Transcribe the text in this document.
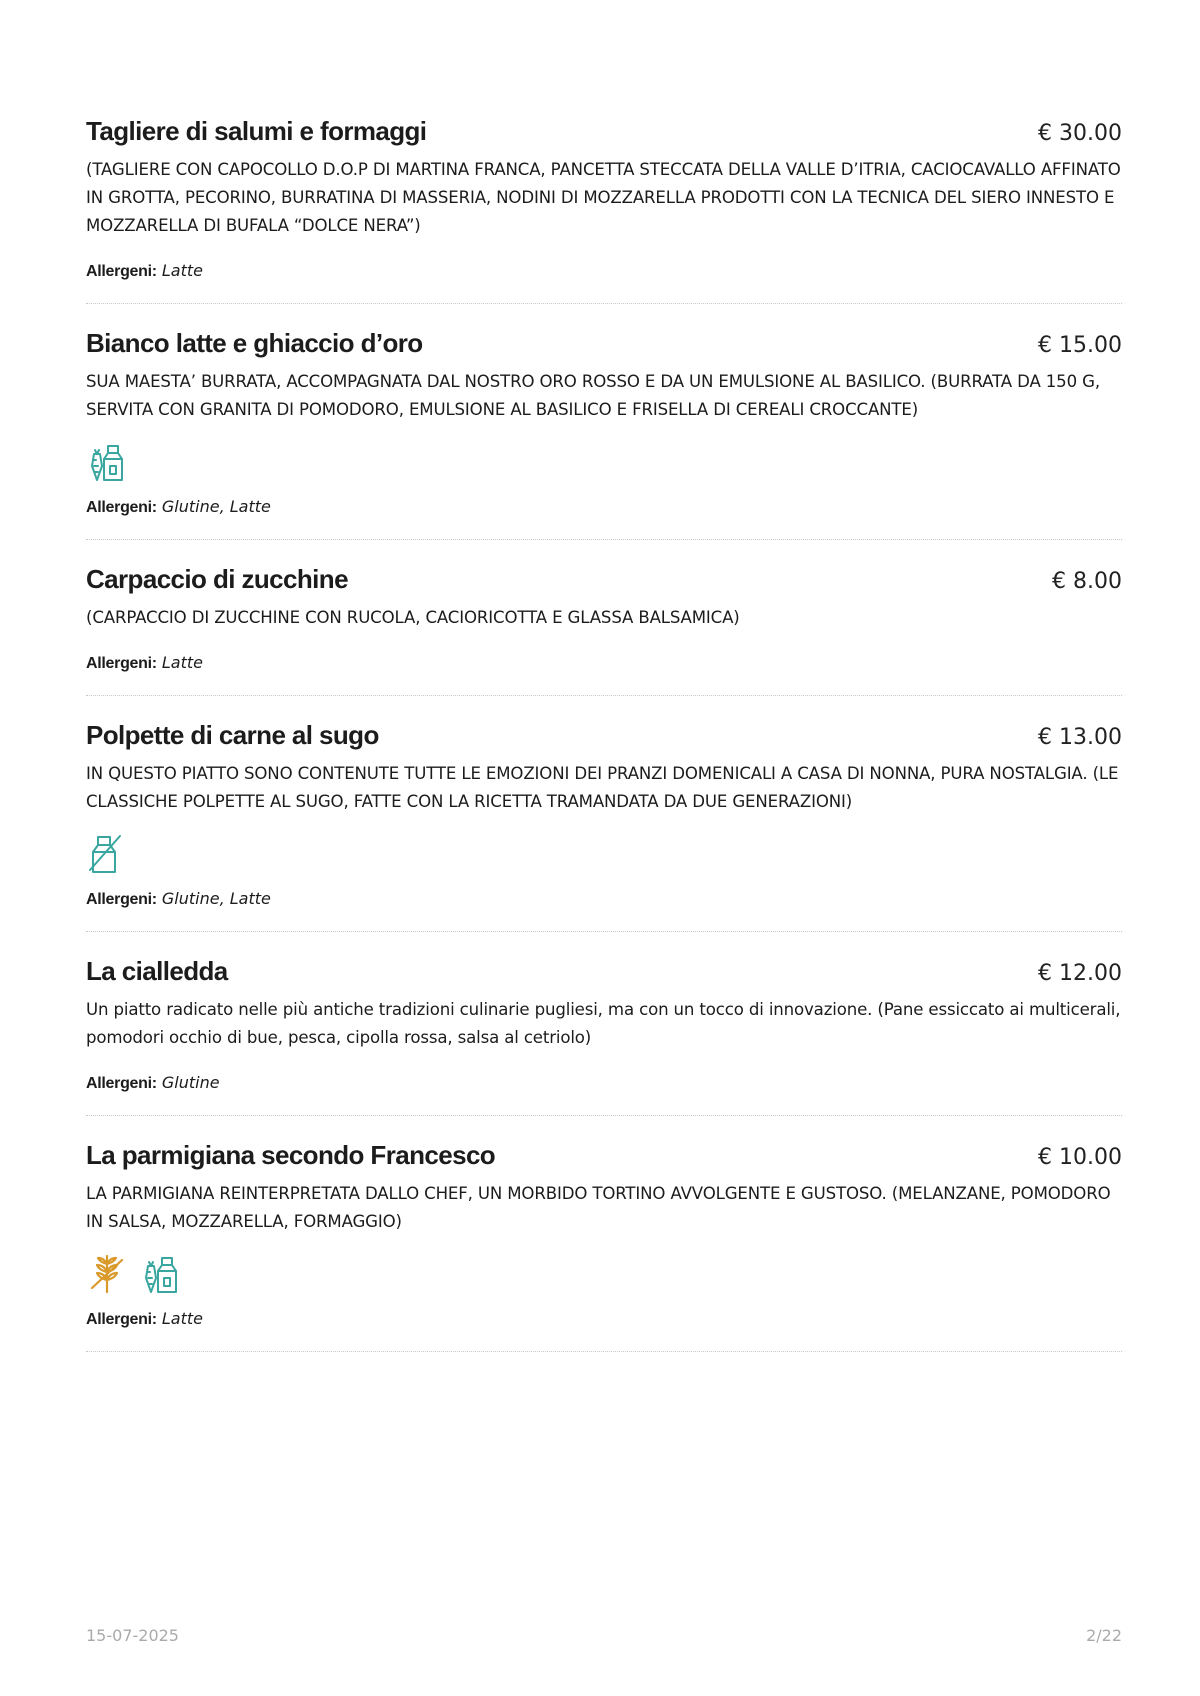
Tagliere di salumi e formaggi	€ 30.00

(TAGLIERE CON CAPOCOLLO D.O.P DI MARTINA FRANCA, PANCETTA STECCATA DELLA VALLE D’ITRIA, CACIOCAVALLO AFFINATO IN GROTTA, PECORINO, BURRATINA DI MASSERIA, NODINI DI MOZZARELLA PRODOTTI CON LA TECNICA DEL SIERO INNESTO E MOZZARELLA DI BUFALA “DOLCE NERA”)

Allergeni: Latte
Bianco latte e ghiaccio d’oro	€ 15.00

SUA MAESTA’ BURRATA, ACCOMPAGNATA DAL NOSTRO ORO ROSSO E DA UN EMULSIONE AL BASILICO. (BURRATA DA 150 G, SERVITA CON GRANITA DI POMODORO, EMULSIONE AL BASILICO E FRISELLA DI CEREALI CROCCANTE)

Allergeni: Glutine, Latte
Carpaccio di zucchine	€ 8.00

(CARPACCIO DI ZUCCHINE CON RUCOLA, CACIORICOTTA E GLASSA BALSAMICA)

Allergeni: Latte
Polpette di carne al sugo	€ 13.00

IN QUESTO PIATTO SONO CONTENUTE TUTTE LE EMOZIONI DEI PRANZI DOMENICALI A CASA DI NONNA, PURA NOSTALGIA. (LE CLASSICHE POLPETTE AL SUGO, FATTE CON LA RICETTA TRAMANDATA DA DUE GENERAZIONI)

Allergeni: Glutine, Latte
La cialledda	€ 12.00

Un piatto radicato nelle più antiche tradizioni culinarie pugliesi, ma con un tocco di innovazione. (Pane essiccato ai multicerali, pomodori occhio di bue, pesca, cipolla rossa, salsa al cetriolo)

Allergeni: Glutine
La parmigiana secondo Francesco	€ 10.00

LA PARMIGIANA REINTERPRETATA DALLO CHEF, UN MORBIDO TORTINO AVVOLGENTE E GUSTOSO. (MELANZANE, POMODORO IN SALSA, MOZZARELLA, FORMAGGIO)

Allergeni: Latte
15-07-2025	2/22
